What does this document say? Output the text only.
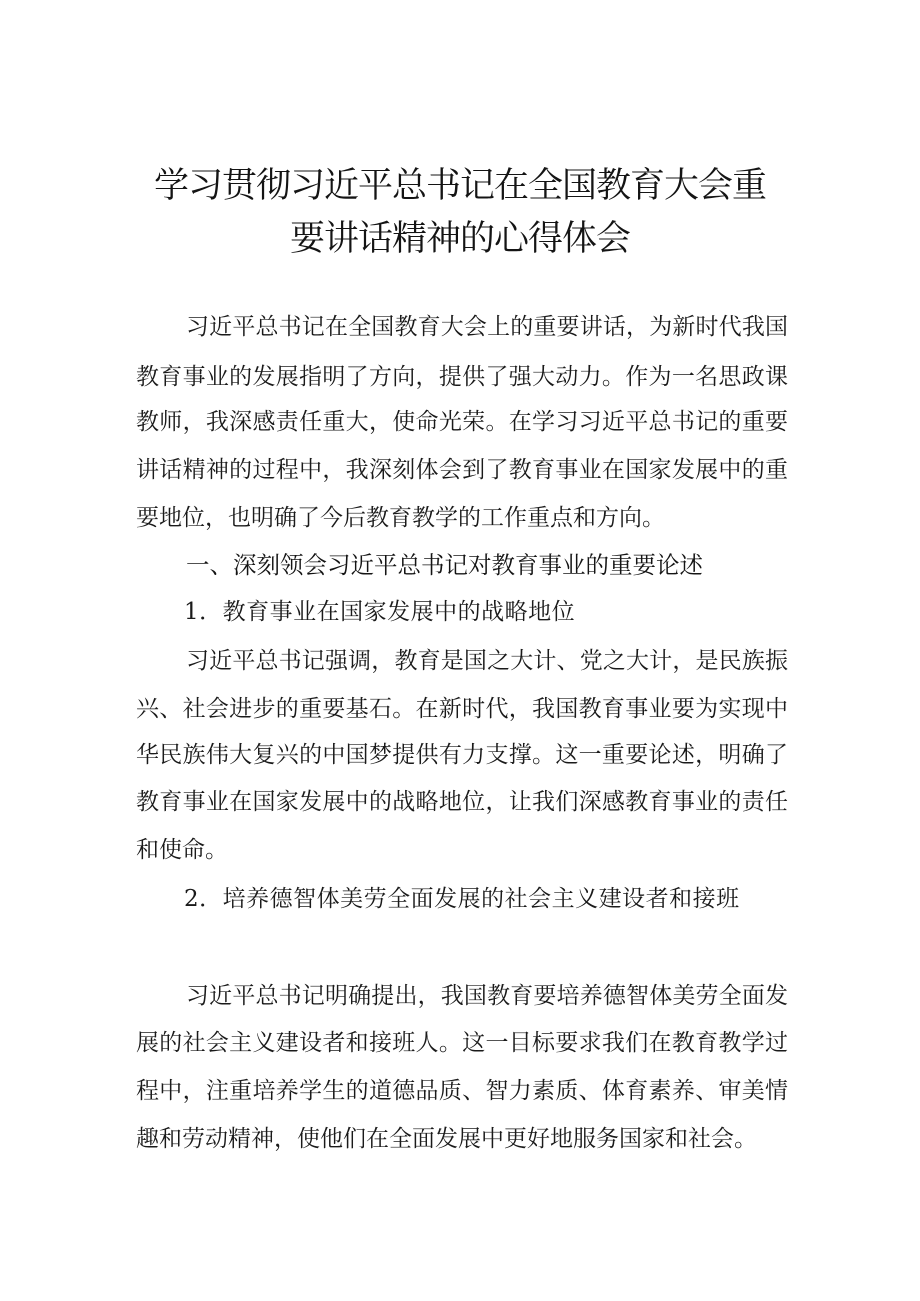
学习贯彻习近平总书记在全国教育大会重
要讲话精神的心得体会
习近平总书记在全国教育大会上的重要讲话，为新时代我国
教育事业的发展指明了方向，提供了强大动力。作为一名思政课
教师，我深感责任重大，使命光荣。在学习习近平总书记的重要
讲话精神的过程中，我深刻体会到了教育事业在国家发展中的重
要地位，也明确了今后教育教学的工作重点和方向。
一、深刻领会习近平总书记对教育事业的重要论述
1．教育事业在国家发展中的战略地位
习近平总书记强调，教育是国之大计、党之大计，是民族振
兴、社会进步的重要基石。在新时代，我国教育事业要为实现中
华民族伟大复兴的中国梦提供有力支撑。这一重要论述，明确了
教育事业在国家发展中的战略地位，让我们深感教育事业的责任
和使命。
2．培养德智体美劳全面发展的社会主义建设者和接班
习近平总书记明确提出，我国教育要培养德智体美劳全面发
展的社会主义建设者和接班人。这一目标要求我们在教育教学过
程中，注重培养学生的道德品质、智力素质、体育素养、审美情
趣和劳动精神，使他们在全面发展中更好地服务国家和社会。
